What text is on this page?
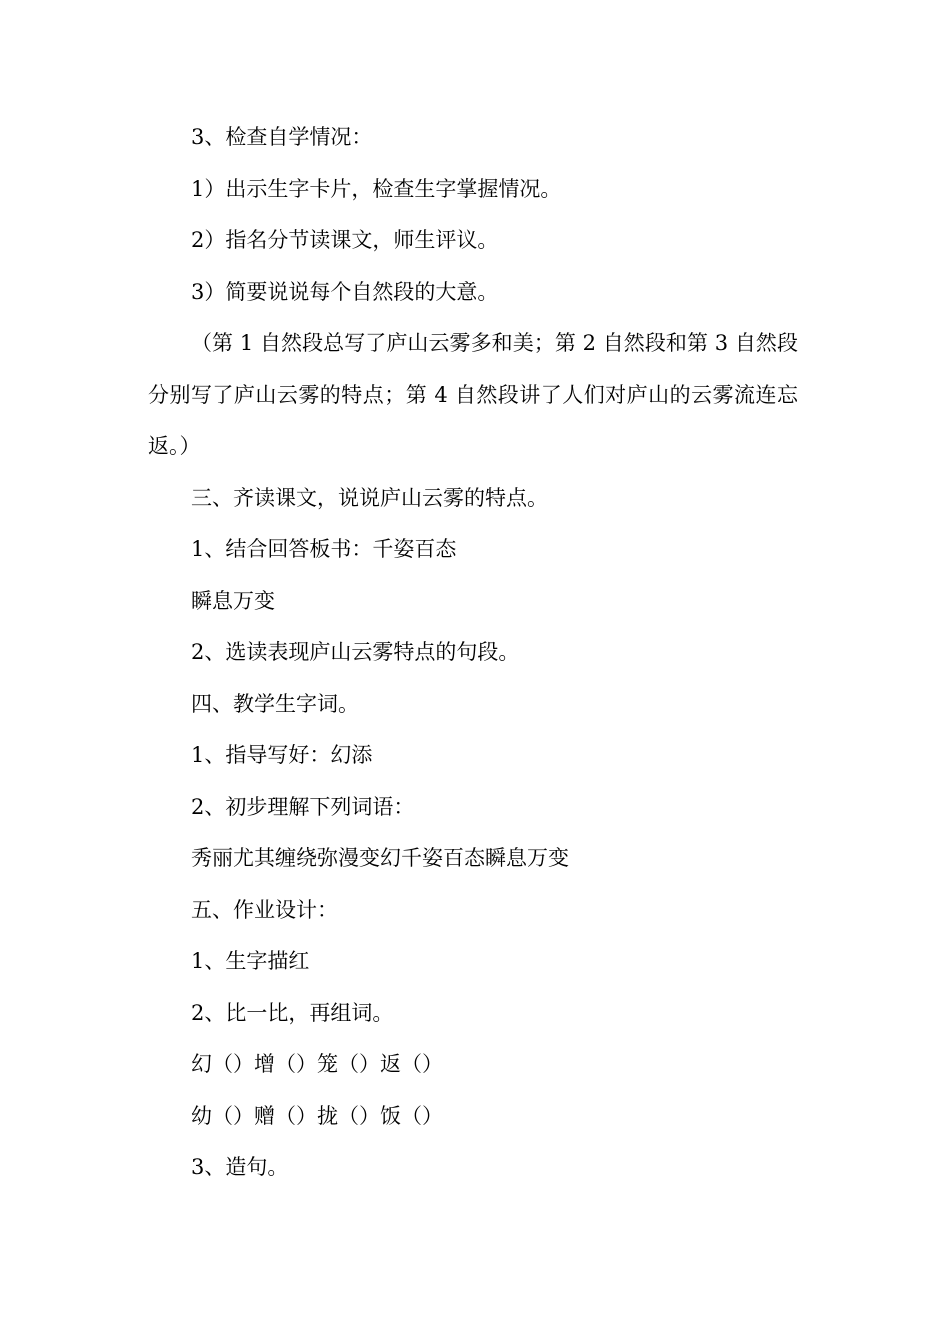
3、检查自学情况：
1）出示生字卡片，检查生字掌握情况。
2）指名分节读课文，师生评议。
3）简要说说每个自然段的大意。
（第 1 自然段总写了庐山云雾多和美；第 2 自然段和第 3 自然段分别写了庐山云雾的特点；第 4 自然段讲了人们对庐山的云雾流连忘返。）
三、齐读课文，说说庐山云雾的特点。
1、结合回答板书：千姿百态
瞬息万变
2、选读表现庐山云雾特点的句段。
四、教学生字词。
1、指导写好：幻添
2、初步理解下列词语：
秀丽尤其缠绕弥漫变幻千姿百态瞬息万变
五、作业设计：
1、生字描红
2、比一比，再组词。
幻（）增（）笼（）返（）
幼（）赠（）拢（）饭（）
3、造句。
